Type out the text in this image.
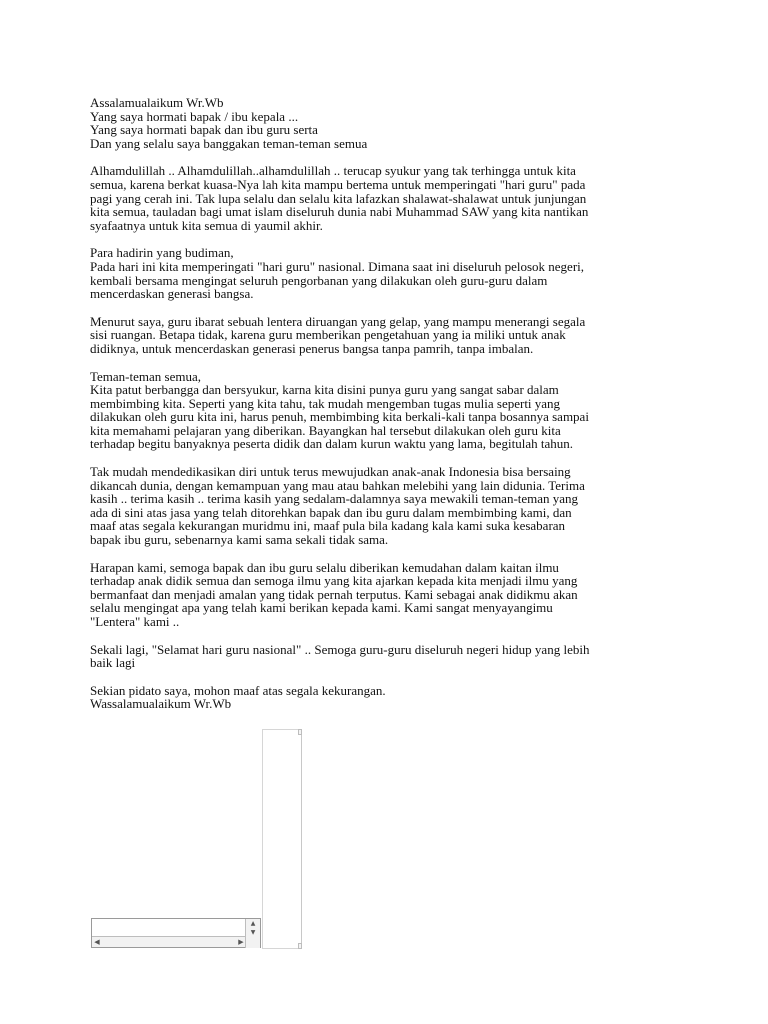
Assalamualaikum Wr.Wb
Yang saya hormati bapak / ibu kepala ...
Yang saya hormati bapak dan ibu guru serta
Dan yang selalu saya banggakan teman-teman semua
Alhamdulillah .. Alhamdulillah..alhamdulillah .. terucap syukur yang tak terhingga untuk kita
semua, karena berkat kuasa-Nya lah kita mampu bertema untuk memperingati "hari guru" pada
pagi yang cerah ini. Tak lupa selalu dan selalu kita lafazkan shalawat-shalawat untuk junjungan
kita semua, tauladan bagi umat islam diseluruh dunia nabi Muhammad SAW yang kita nantikan
syafaatnya untuk kita semua di yaumil akhir.
Para hadirin yang budiman,
Pada hari ini kita memperingati "hari guru" nasional. Dimana saat ini diseluruh pelosok negeri,
kembali bersama mengingat seluruh pengorbanan yang dilakukan oleh guru-guru dalam
mencerdaskan generasi bangsa.
Menurut saya, guru ibarat sebuah lentera diruangan yang gelap, yang mampu menerangi segala
sisi ruangan. Betapa tidak, karena guru memberikan pengetahuan yang ia miliki untuk anak
didiknya, untuk mencerdaskan generasi penerus bangsa tanpa pamrih, tanpa imbalan.
Teman-teman semua,
Kita patut berbangga dan bersyukur, karna kita disini punya guru yang sangat sabar dalam
membimbing kita. Seperti yang kita tahu, tak mudah mengemban tugas mulia seperti yang
dilakukan oleh guru kita ini, harus penuh, membimbing kita berkali-kali tanpa bosannya sampai
kita memahami pelajaran yang diberikan. Bayangkan hal tersebut dilakukan oleh guru kita
terhadap begitu banyaknya peserta didik dan dalam kurun waktu yang lama, begitulah tahun.
Tak mudah mendedikasikan diri untuk terus mewujudkan anak-anak Indonesia bisa bersaing
dikancah dunia, dengan kemampuan yang mau atau bahkan melebihi yang lain didunia. Terima
kasih .. terima kasih .. terima kasih yang sedalam-dalamnya saya mewakili teman-teman yang
ada di sini atas jasa yang telah ditorehkan bapak dan ibu guru dalam membimbing kami, dan
maaf atas segala kekurangan muridmu ini, maaf pula bila kadang kala kami suka kesabaran
bapak ibu guru, sebenarnya kami sama sekali tidak sama.
Harapan kami, semoga bapak dan ibu guru selalu diberikan kemudahan dalam kaitan ilmu
terhadap anak didik semua dan semoga ilmu yang kita ajarkan kepada kita menjadi ilmu yang
bermanfaat dan menjadi amalan yang tidak pernah terputus. Kami sebagai anak didikmu akan
selalu mengingat apa yang telah kami berikan kepada kami. Kami sangat menyayangimu
"Lentera" kami ..
Sekali lagi, "Selamat hari guru nasional" .. Semoga guru-guru diseluruh negeri hidup yang lebih
baik lagi
Sekian pidato saya, mohon maaf atas segala kekurangan.
Wassalamualaikum Wr.Wb
◀	▶
▲
▼
